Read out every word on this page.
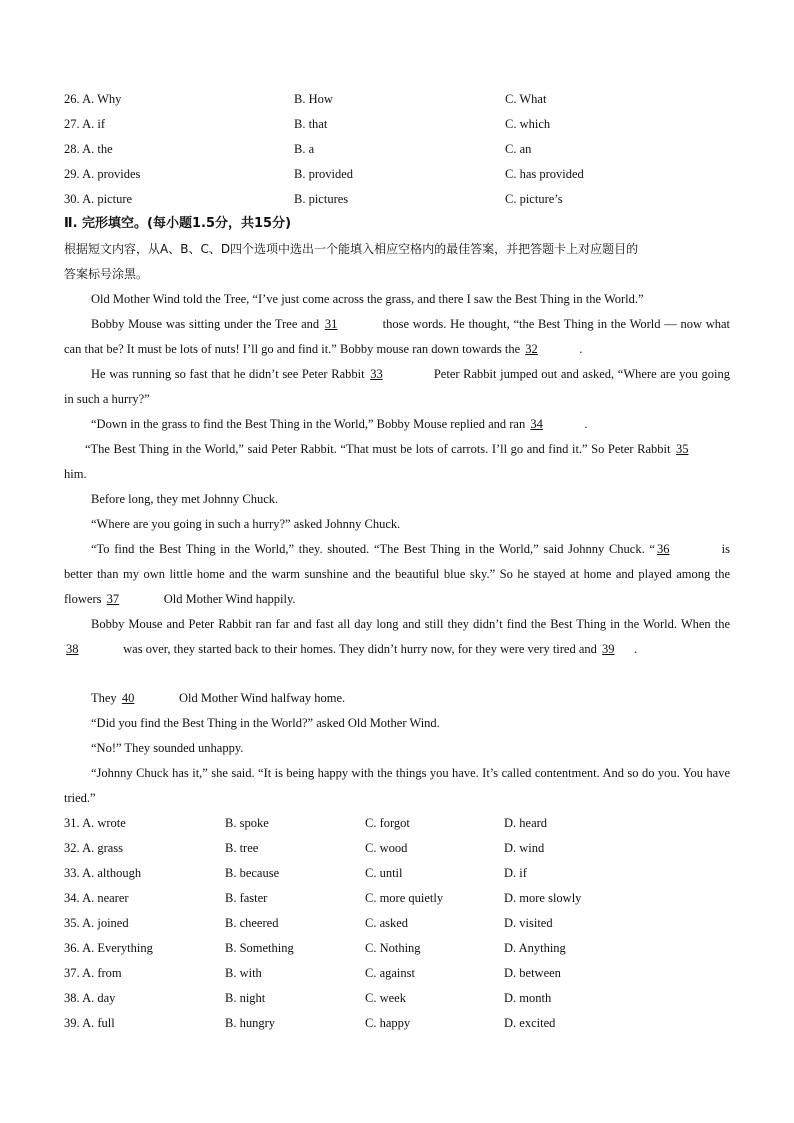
26. A. Why	B. How	C. What
27. A. if	B. that	C. which
28. A. the	B. a	C. an
29. A. provides	B. provided	C. has provided
30. A. picture	B. pictures	C. picture’s
Ⅱ. 完形填空。(每小题1.5分，共15分)
根据短文内容，从A、B、C、D四个选项中选出一个能填入相应空格内的最佳答案，并把答题卡上对应题目的
答案标号涂黑。
Old Mother Wind told the Tree, “I’ve just come across the grass, and there I saw the Best Thing in the World.”
Bobby Mouse was sitting under the Tree and 31	those words. He thought, “the Best Thing in the World — now what can that be? It must be lots of nuts! I’ll go and find it.” Bobby mouse ran down towards the 32	.
He was running so fast that he didn’t see Peter Rabbit 33	Peter Rabbit jumped out and asked, “Where are you going in such a hurry?”
“Down in the grass to find the Best Thing in the World,” Bobby Mouse replied and ran 34	.
“The Best Thing in the World,” said Peter Rabbit. “That must be lots of carrots. I’ll go and find it.” So Peter Rabbit 35 him.
Before long, they met Johnny Chuck.
“Where are you going in such a hurry?” asked Johnny Chuck.
“To find the Best Thing in the World,” they. shouted. “The Best Thing in the World,” said Johnny Chuck. “ 36	is better than my own little home and the warm sunshine and the beautiful blue sky.” So he stayed at home and played among the flowers 37	Old Mother Wind happily.
Bobby Mouse and Peter Rabbit ran far and fast all day long and still they didn’t find the Best Thing in the World. When the 38	was over, they started back to their homes. They didn’t hurry now, for they were very tired and 39 .
They 40	Old Mother Wind halfway home.
“Did you find the Best Thing in the World?” asked Old Mother Wind.
“No!” They sounded unhappy.
“Johnny Chuck has it,” she said. “It is being happy with the things you have. It’s called contentment. And so do you. You have tried.”
31. A. wrote	B. spoke	C. forgot	D. heard
32. A. grass	B. tree	C. wood	D. wind
33. A. although	B. because	C. until	D. if
34. A. nearer	B. faster	C. more quietly	D. more slowly
35. A. joined	B. cheered	C. asked	D. visited
36. A. Everything	B. Something	C. Nothing	D. Anything
37. A. from	B. with	C. against	D. between
38. A. day	B. night	C. week	D. month
39. A. full	B. hungry	C. happy	D. excited
